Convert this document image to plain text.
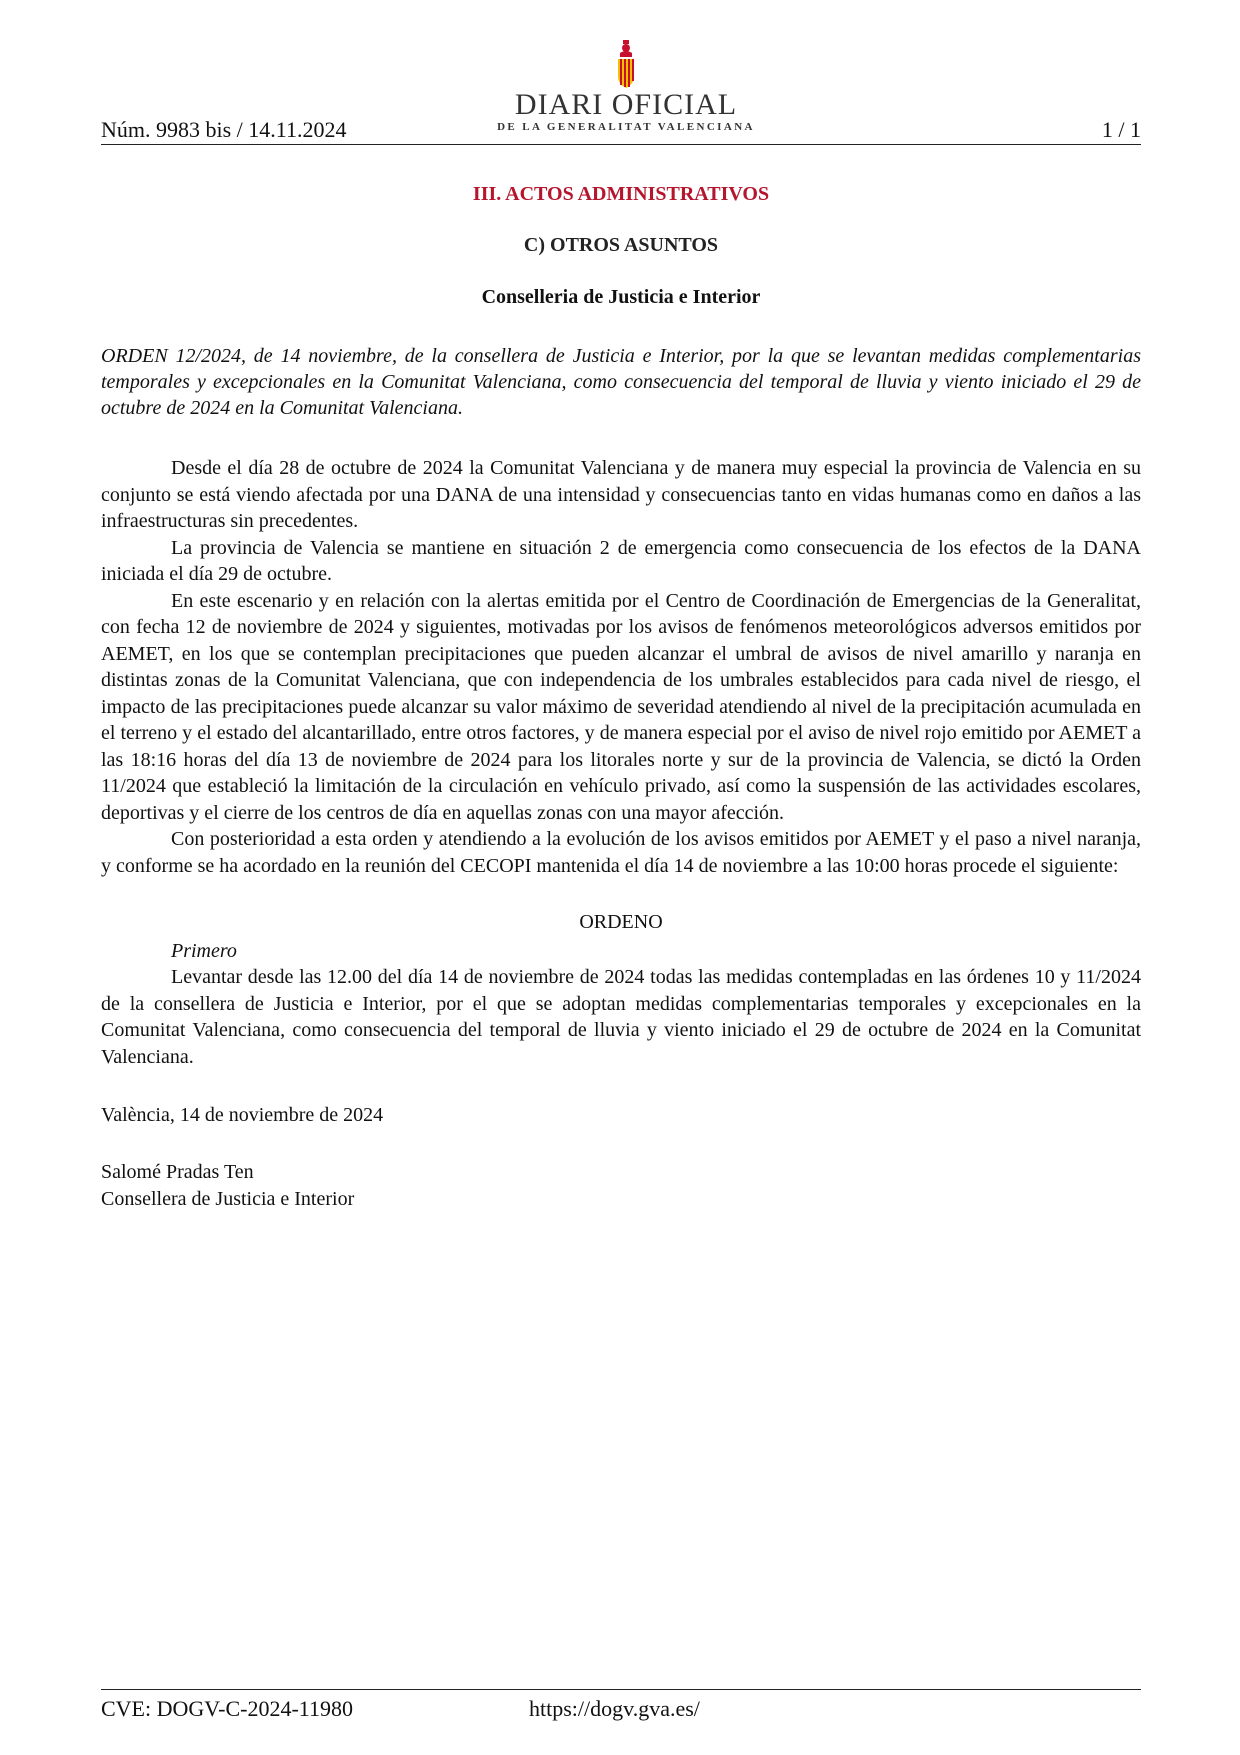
Núm. 9983 bis / 14.11.2024
DIARI OFICIAL
DE LA GENERALITAT VALENCIANA	1 / 1

III. ACTOS ADMINISTRATIVOS

C) OTROS ASUNTOS

Conselleria de Justicia e Interior

ORDEN 12/2024, de 14 noviembre, de la consellera de Justicia e Interior, por la que se levantan medidas complementarias temporales y excepcionales en la Comunitat Valenciana, como consecuencia del temporal de lluvia y viento iniciado el 29 de octubre de 2024 en la Comunitat Valenciana.

Desde el día 28 de octubre de 2024 la Comunitat Valenciana y de manera muy especial la provincia de Valencia en su conjunto se está viendo afectada por una DANA de una intensidad y consecuencias tanto en vidas humanas como en daños a las infraestructuras sin precedentes.

La provincia de Valencia se mantiene en situación 2 de emergencia como consecuencia de los efectos de la DANA iniciada el día 29 de octubre.

En este escenario y en relación con la alertas emitida por el Centro de Coordinación de Emergencias de la Generalitat, con fecha 12 de noviembre de 2024 y siguientes, motivadas por los avisos de fenómenos meteorológicos adversos emitidos por AEMET, en los que se contemplan precipitaciones que pueden alcanzar el umbral de avisos de nivel amarillo y naranja en distintas zonas de la Comunitat Valenciana, que con independencia de los umbrales establecidos para cada nivel de riesgo, el impacto de las precipitaciones puede alcanzar su valor máximo de severidad atendiendo al nivel de la precipitación acumulada en el terreno y el estado del alcantarillado, entre otros factores, y de manera especial por el aviso de nivel rojo emitido por AEMET a las 18:16 horas del día 13 de noviembre de 2024 para los litorales norte y sur de la provincia de Valencia, se dictó la Orden 11/2024 que estableció la limitación de la circulación en vehículo privado, así como la suspensión de las actividades escolares, deportivas y el cierre de los centros de día en aquellas zonas con una mayor afección.

Con posterioridad a esta orden y atendiendo a la evolución de los avisos emitidos por AEMET y el paso a nivel naranja, y conforme se ha acordado en la reunión del CECOPI mantenida el día 14 de noviembre a las 10:00 horas procede el siguiente:

ORDENO

Primero

Levantar desde las 12.00 del día 14 de noviembre de 2024 todas las medidas contempladas en las órdenes 10 y 11/2024 de la consellera de Justicia e Interior, por el que se adoptan medidas complementarias temporales y excepcionales en la Comunitat Valenciana, como consecuencia del temporal de lluvia y viento iniciado el 29 de octubre de 2024 en la Comunitat Valenciana.

València, 14 de noviembre de 2024

Salomé Pradas Ten
Consellera de Justicia e Interior
CVE: DOGV-C-2024-11980	https://dogv.gva.es/
